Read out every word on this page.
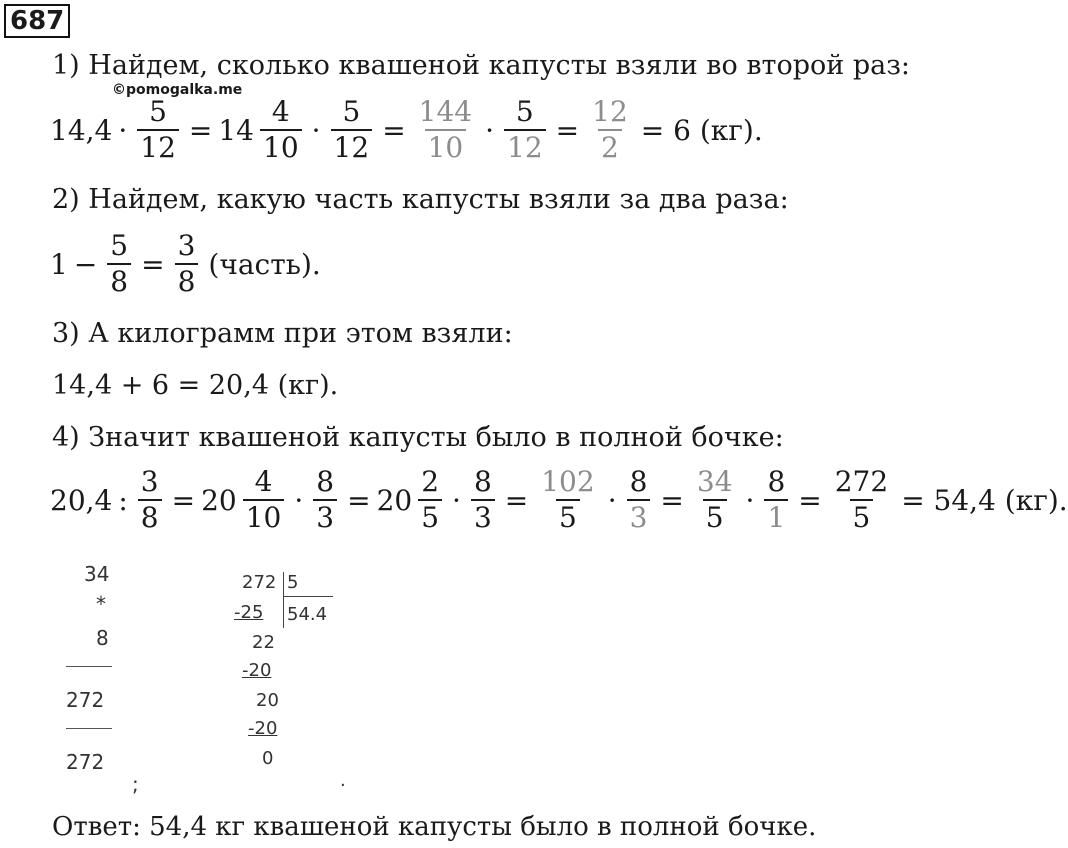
687
1) Найдем, сколько квашеной капусты взяли во второй раз:
©pomogalka.me
$14,4 \cdot \frac{5}{12} = 14 \frac{4}{10} \cdot \frac{5}{12} = \frac{144}{10} \cdot \frac{5}{12} = \frac{12}{2} = 6$ (кг).
2) Найдем, какую часть капусты взяли за два раза:
$1 - \frac{5}{8} = \frac{3}{8}$ (часть).
3) А килограмм при этом взяли:
14,4 + 6 = 20,4 (кг).
4) Значит квашеной капусты было в полной бочке:
20,4 : $\frac{3}{8} = 20 \frac{4}{10} \cdot \frac{8}{3} = 20 \frac{2}{5} \cdot \frac{8}{3} = \frac{102}{5} \cdot \frac{8}{3} = \frac{34}{5} \cdot \frac{8}{1} = \frac{272}{5} = 54,4$ (кг).
34
*
8
272
272
;
272 5
54.4
-25
22
-20
20
-20
0
.
Ответ: 54,4 кг квашеной капусты было в полной бочке.
